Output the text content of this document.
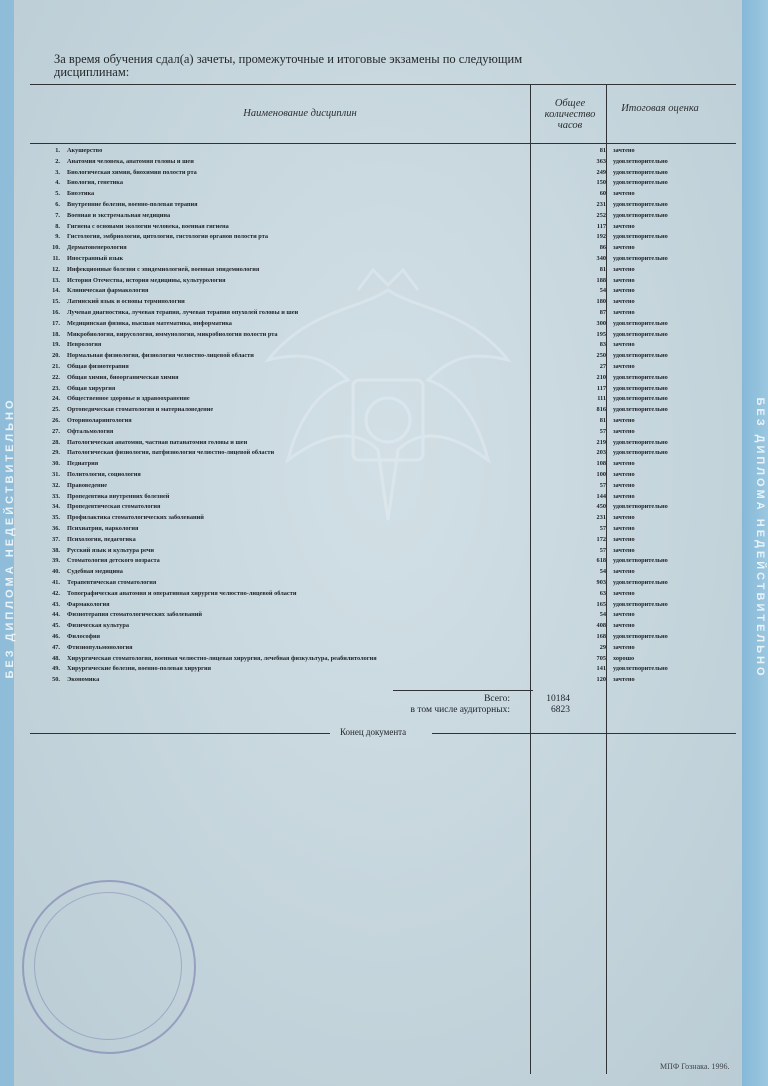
БЕЗ ДИПЛОМА НЕДЕЙСТВИТЕЛЬНО	БЕЗ ДИПЛОМА НЕДЕЙСТВИТЕЛЬНО
За время обучения сдал(а) зачеты, промежуточные и итоговые экзамены по следующим дисциплинам:
Наименование дисциплин
Общее количество часов
Итоговая оценка
1. Акушерство	81 зачтено
2. Анатомия человека, анатомия головы и шеи	363 удовлетворительно
3. Биологическая химия, биохимия полости рта	249 удовлетворительно
4. Биология, генетика	150 удовлетворительно
5. Биоэтика	60 зачтено
6. Внутренние болезни, военно-полевая терапия	231 удовлетворительно
7. Военная и экстремальная медицина	252 удовлетворительно
8. Гигиена с основами экологии человека, военная гигиена	117 зачтено
9. Гистология, эмбриология, цитология, гистология органов полости рта	192 удовлетворительно
10. Дерматовенерология	86 зачтено
11. Иностранный язык	340 удовлетворительно
12. Инфекционные болезни с эпидемиологией, военная эпидемиология	81 зачтено
13. История Отечества, история медицины, культурология	188 зачтено
14. Клиническая фармакология	54 зачтено
15. Латинский язык и основы терминологии	180 зачтено
16. Лучевая диагностика, лучевая терапия, лучевая терапия опухолей головы и шеи	87 зачтено
17. Медицинская физика, высшая математика, информатика	300 удовлетворительно
18. Микробиология, вирусология, иммунология, микробиология полости рта	195 удовлетворительно
19. Неврология	83 зачтено
20. Нормальная физиология, физиология челюстно-лицевой области	250 удовлетворительно
21. Общая физиотерапия	27 зачтено
22. Общая химия, биоорганическая химия	210 удовлетворительно
23. Общая хирургия	117 удовлетворительно
24. Общественное здоровье и здравоохранение	111 удовлетворительно
25. Ортопедическая стоматология и материаловедение	816 удовлетворительно
26. Оториноларингология	81 зачтено
27. Офтальмология	57 зачтено
28. Патологическая анатомия, частная патанатомия головы и шеи	219 удовлетворительно
29. Патологическая физиология, патфизиология челюстно-лицевой области	203 удовлетворительно
30. Педиатрия	108 зачтено
31. Политология, социология	100 зачтено
32. Правоведение	57 зачтено
33. Пропедевтика внутренних болезней	144 зачтено
34. Пропедевтическая стоматология	450 удовлетворительно
35. Профилактика стоматологических заболеваний	231 зачтено
36. Психиатрия, наркология	57 зачтено
37. Психология, педагогика	172 зачтено
38. Русский язык и культура речи	57 зачтено
39. Стоматология детского возраста	618 удовлетворительно
40. Судебная медицина	54 зачтено
41. Терапевтическая стоматология	903 удовлетворительно
42. Топографическая анатомия и оперативная хирургия челюстно-лицевой области	63 зачтено
43. Фармакология	165 удовлетворительно
44. Физиотерапия стоматологических заболеваний	54 зачтено
45. Физическая культура	408 зачтено
46. Философия	168 удовлетворительно
47. Фтизиопульмонология	29 зачтено
48. Хирургическая стоматология, военная челюстно-лицевая хирургия, лечебная физкультура, реабилитология	705 хорошо
49. Хирургические болезни, военно-полевая хирургия	141 удовлетворительно
50. Экономика	120 зачтено
Всего:	10184
в том числе аудиторных:	6823
Конец документа
МПФ Гознака. 1996.
